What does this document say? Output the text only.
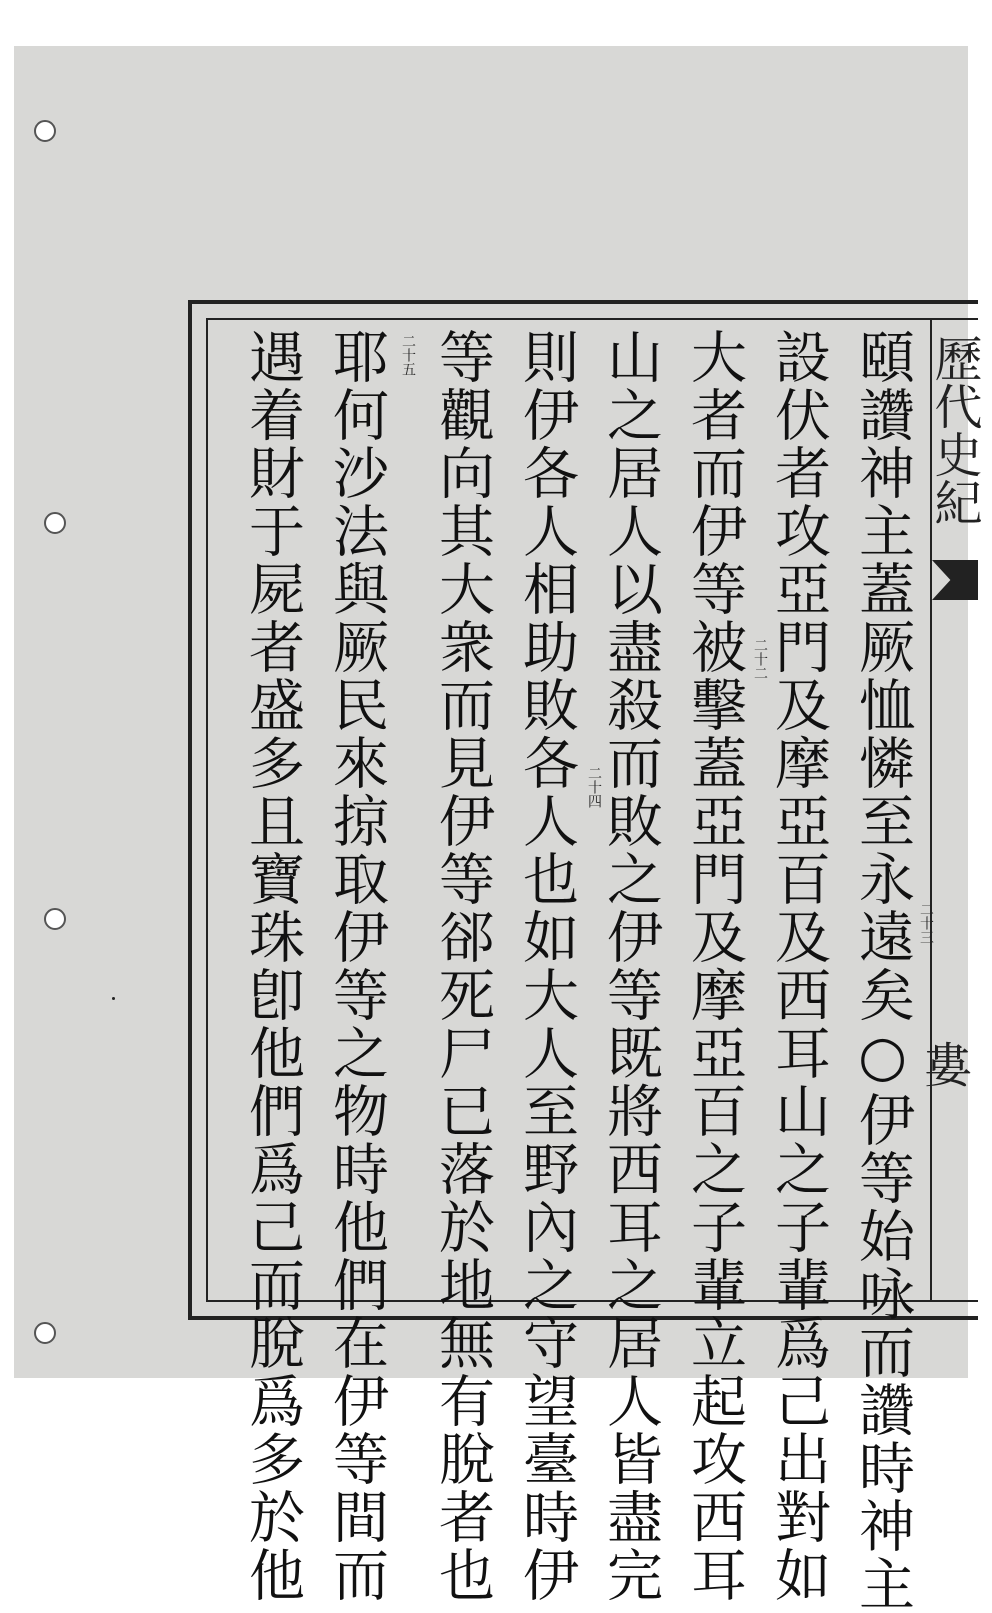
歷代史紀
婁
頤讚神主蓋厥恤憐至永遠矣○伊等始咏而讚時神主
設伏者攻亞門及摩亞百及西耳山之子輩爲己出對如
大者而伊等被擊蓋亞門及摩亞百之子輩立起攻西耳
山之居人以盡殺而敗之伊等既將西耳之居人皆盡完
則伊各人相助敗各人也如大人至野內之守望臺時伊
等觀向其大衆而見伊等郤死尸已落於地無有脫者也
耶何沙法與厥民來掠取伊等之物時他們在伊等間而
遇着財于屍者盛多且寶珠卽他們爲己而脫爲多於他	二十三
二十二
二十四
二十五
